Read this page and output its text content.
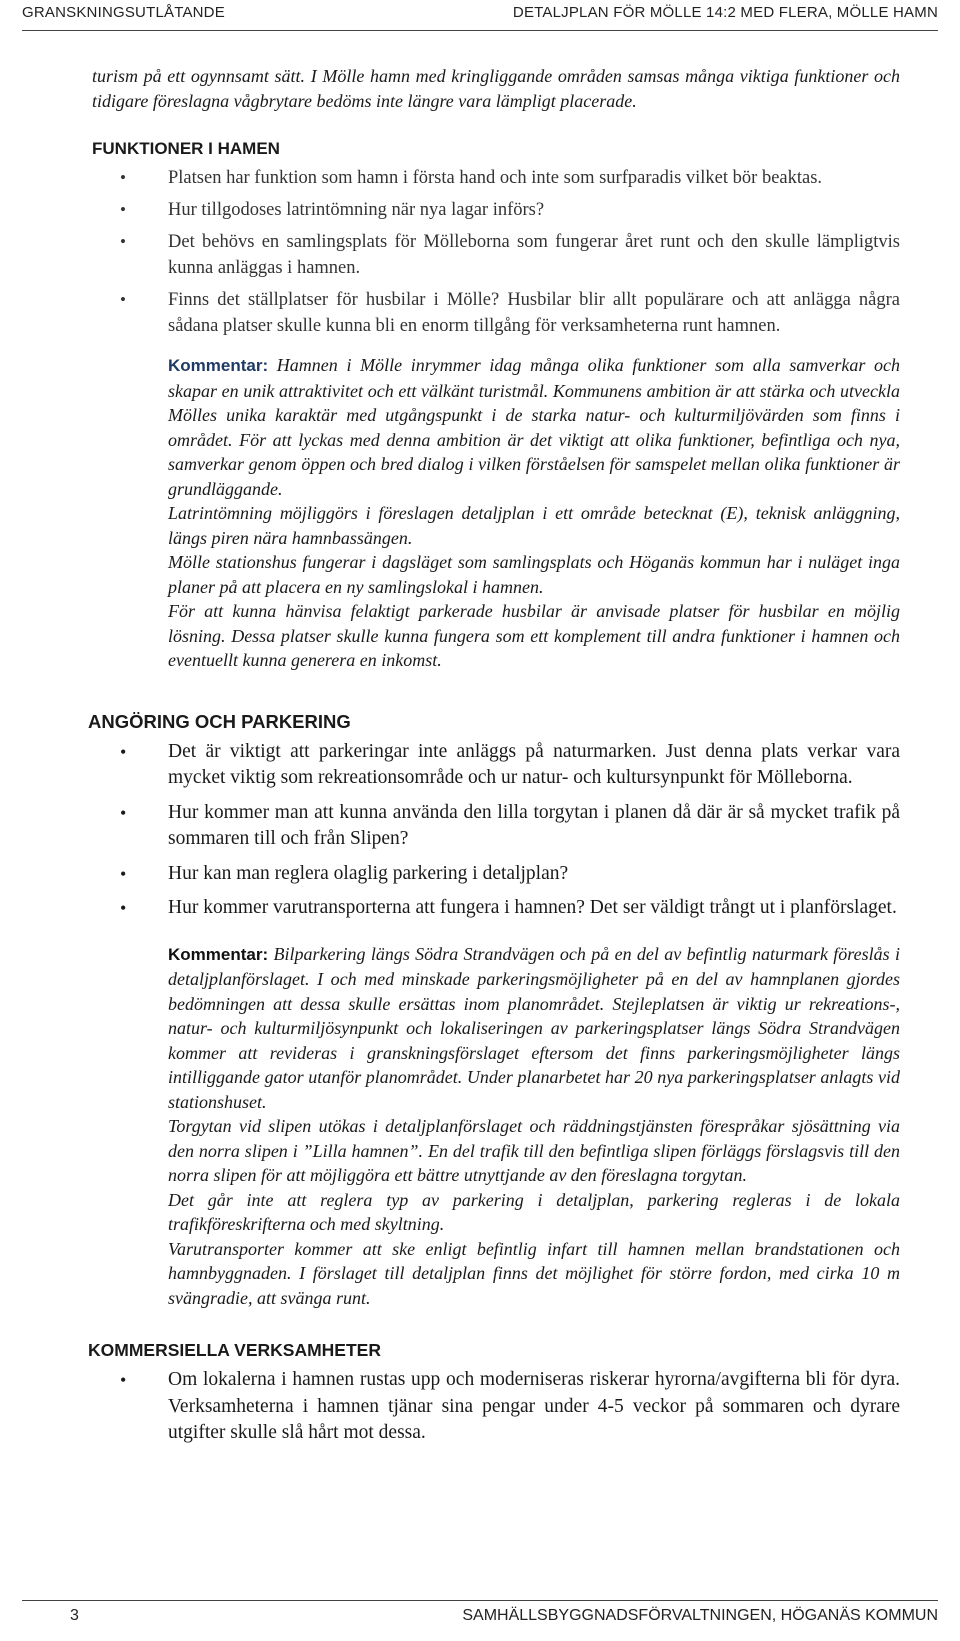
GRANSKNINGSUTLÅTANDE	DETALJPLAN FÖR MÖLLE 14:2 MED FLERA, MÖLLE HAMN

turism på ett ogynnsamt sätt. I Mölle hamn med kringliggande områden samsas många viktiga funktioner och tidigare föreslagna vågbrytare bedöms inte längre vara lämpligt placerade.

FUNKTIONER I HAMEN
• Platsen har funktion som hamn i första hand och inte som surfparadis vilket bör beaktas.
• Hur tillgodoses latrintömning när nya lagar införs?
• Det behövs en samlingsplats för Mölleborna som fungerar året runt och den skulle lämpligtvis kunna anläggas i hamnen.
• Finns det ställplatser för husbilar i Mölle? Husbilar blir allt populärare och att anlägga några sådana platser skulle kunna bli en enorm tillgång för verksamheterna runt hamnen.

Kommentar: Hamnen i Mölle inrymmer idag många olika funktioner som alla samverkar och skapar en unik attraktivitet och ett välkänt turistmål. Kommunens ambition är att stärka och utveckla Mölles unika karaktär med utgångspunkt i de starka natur- och kulturmiljövärden som finns i området. För att lyckas med denna ambition är det viktigt att olika funktioner, befintliga och nya, samverkar genom öppen och bred dialog i vilken förståelsen för samspelet mellan olika funktioner är grundläggande.

Latrintömning möjliggörs i föreslagen detaljplan i ett område betecknat (E), teknisk anläggning, längs piren nära hamnbassängen.

Mölle stationshus fungerar i dagsläget som samlingsplats och Höganäs kommun har i nuläget inga planer på att placera en ny samlingslokal i hamnen.

För att kunna hänvisa felaktigt parkerade husbilar är anvisade platser för husbilar en möjlig lösning. Dessa platser skulle kunna fungera som ett komplement till andra funktioner i hamnen och eventuellt kunna generera en inkomst.

ANGÖRING OCH PARKERING
• Det är viktigt att parkeringar inte anläggs på naturmarken. Just denna plats verkar vara mycket viktig som rekreationsområde och ur natur- och kultursynpunkt för Mölleborna.
• Hur kommer man att kunna använda den lilla torgytan i planen då där är så mycket trafik på sommaren till och från Slipen?
• Hur kan man reglera olaglig parkering i detaljplan?
• Hur kommer varutransporterna att fungera i hamnen? Det ser väldigt trångt ut i planförslaget.

Kommentar: Bilparkering längs Södra Strandvägen och på en del av befintlig naturmark föreslås i detaljplanförslaget. I och med minskade parkeringsmöjligheter på en del av hamnplanen gjordes bedömningen att dessa skulle ersättas inom planområdet. Stejleplatsen är viktig ur rekreations-, natur- och kulturmiljösynpunkt och lokaliseringen av parkeringsplatser längs Södra Strandvägen kommer att revideras i granskningsförslaget eftersom det finns parkeringsmöjligheter längs intilliggande gator utanför planområdet. Under planarbetet har 20 nya parkeringsplatser anlagts vid stationshuset.

Torgytan vid slipen utökas i detaljplanförslaget och räddningstjänsten förespråkar sjösättning via den norra slipen i ”Lilla hamnen”. En del trafik till den befintliga slipen förläggs förslagsvis till den norra slipen för att möjliggöra ett bättre utnyttjande av den föreslagna torgytan.

Det går inte att reglera typ av parkering i detaljplan, parkering regleras i de lokala trafikföreskrifterna och med skyltning.

Varutransporter kommer att ske enligt befintlig infart till hamnen mellan brandstationen och hamnbyggnaden. I förslaget till detaljplan finns det möjlighet för större fordon, med cirka 10 m svängradie, att svänga runt.

KOMMERSIELLA VERKSAMHETER
• Om lokalerna i hamnen rustas upp och moderniseras riskerar hyrorna/avgifterna bli för dyra. Verksamheterna i hamnen tjänar sina pengar under 4-5 veckor på sommaren och dyrare utgifter skulle slå hårt mot dessa.
3	SAMHÄLLSBYGGNADSFÖRVALTNINGEN, HÖGANÄS KOMMUN
